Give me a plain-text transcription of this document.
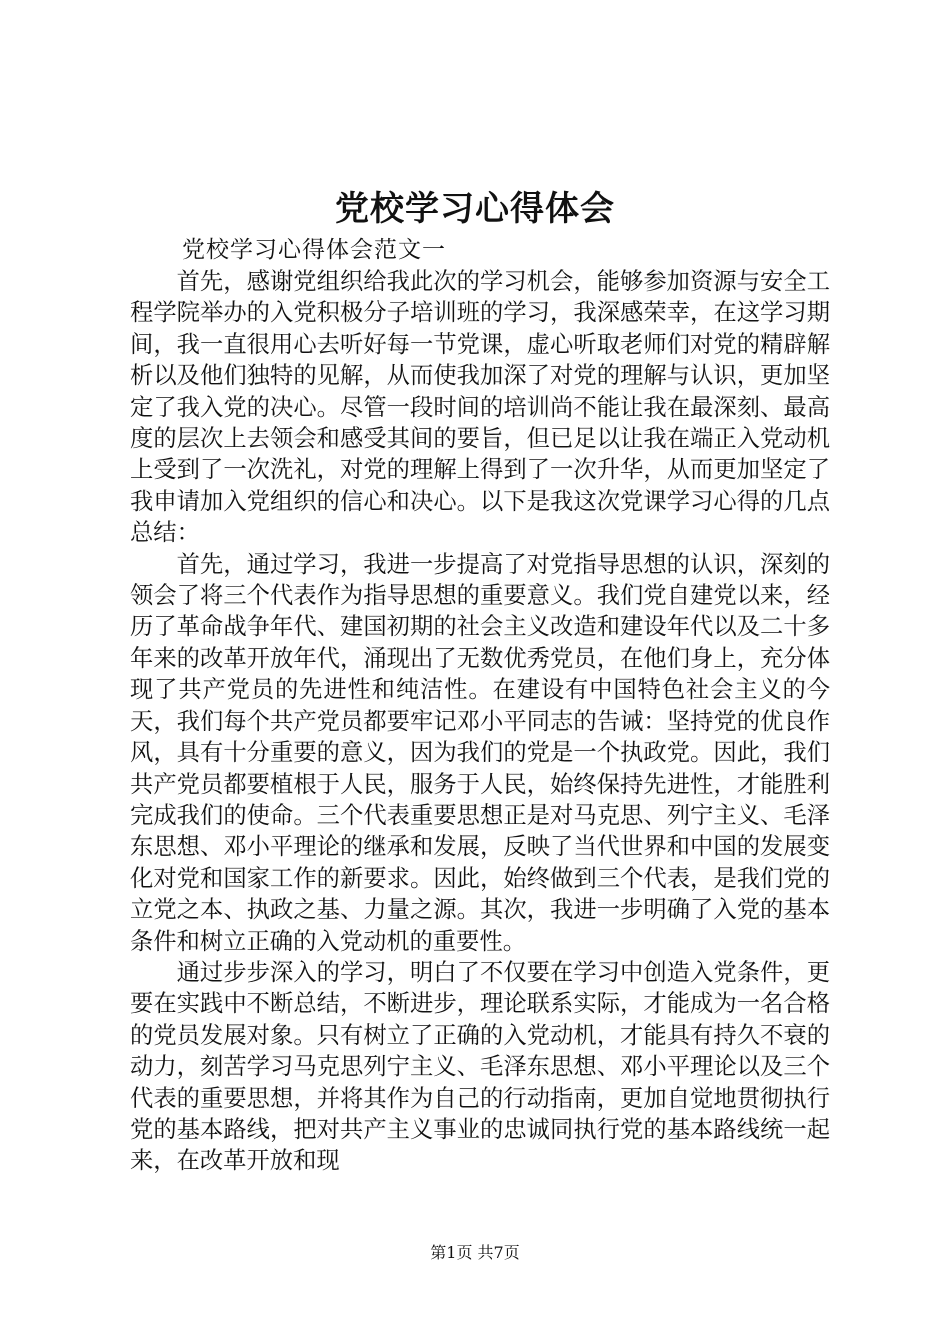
党校学习心得体会
党校学习心得体会范文一

首先，感谢党组织给我此次的学习机会，能够参加资源与安全工程学院举办的入党积极分子培训班的学习，我深感荣幸，在这学习期间，我一直很用心去听好每一节党课，虚心听取老师们对党的精辟解析以及他们独特的见解，从而使我加深了对党的理解与认识，更加坚定了我入党的决心。尽管一段时间的培训尚不能让我在最深刻、最高度的层次上去领会和感受其间的要旨，但已足以让我在端正入党动机上受到了一次洗礼，对党的理解上得到了一次升华，从而更加坚定了我申请加入党组织的信心和决心。以下是我这次党课学习心得的几点总结：

首先，通过学习，我进一步提高了对党指导思想的认识，深刻的领会了将三个代表作为指导思想的重要意义。我们党自建党以来，经历了革命战争年代、建国初期的社会主义改造和建设年代以及二十多年来的改革开放年代，涌现出了无数优秀党员，在他们身上，充分体现了共产党员的先进性和纯洁性。在建设有中国特色社会主义的今天，我们每个共产党员都要牢记邓小平同志的告诫：坚持党的优良作风，具有十分重要的意义，因为我们的党是一个执政党。因此，我们共产党员都要植根于人民，服务于人民，始终保持先进性，才能胜利完成我们的使命。三个代表重要思想正是对马克思、列宁主义、毛泽东思想、邓小平理论的继承和发展，反映了当代世界和中国的发展变化对党和国家工作的新要求。因此，始终做到三个代表，是我们党的立党之本、执政之基、力量之源。其次，我进一步明确了入党的基本条件和树立正确的入党动机的重要性。

通过步步深入的学习，明白了不仅要在学习中创造入党条件，更要在实践中不断总结，不断进步，理论联系实际，才能成为一名合格的党员发展对象。只有树立了正确的入党动机，才能具有持久不衰的动力，刻苦学习马克思列宁主义、毛泽东思想、邓小平理论以及三个代表的重要思想，并将其作为自己的行动指南，更加自觉地贯彻执行党的基本路线，把对共产主义事业的忠诚同执行党的基本路线统一起来，在改革开放和现

第1页 共7页
